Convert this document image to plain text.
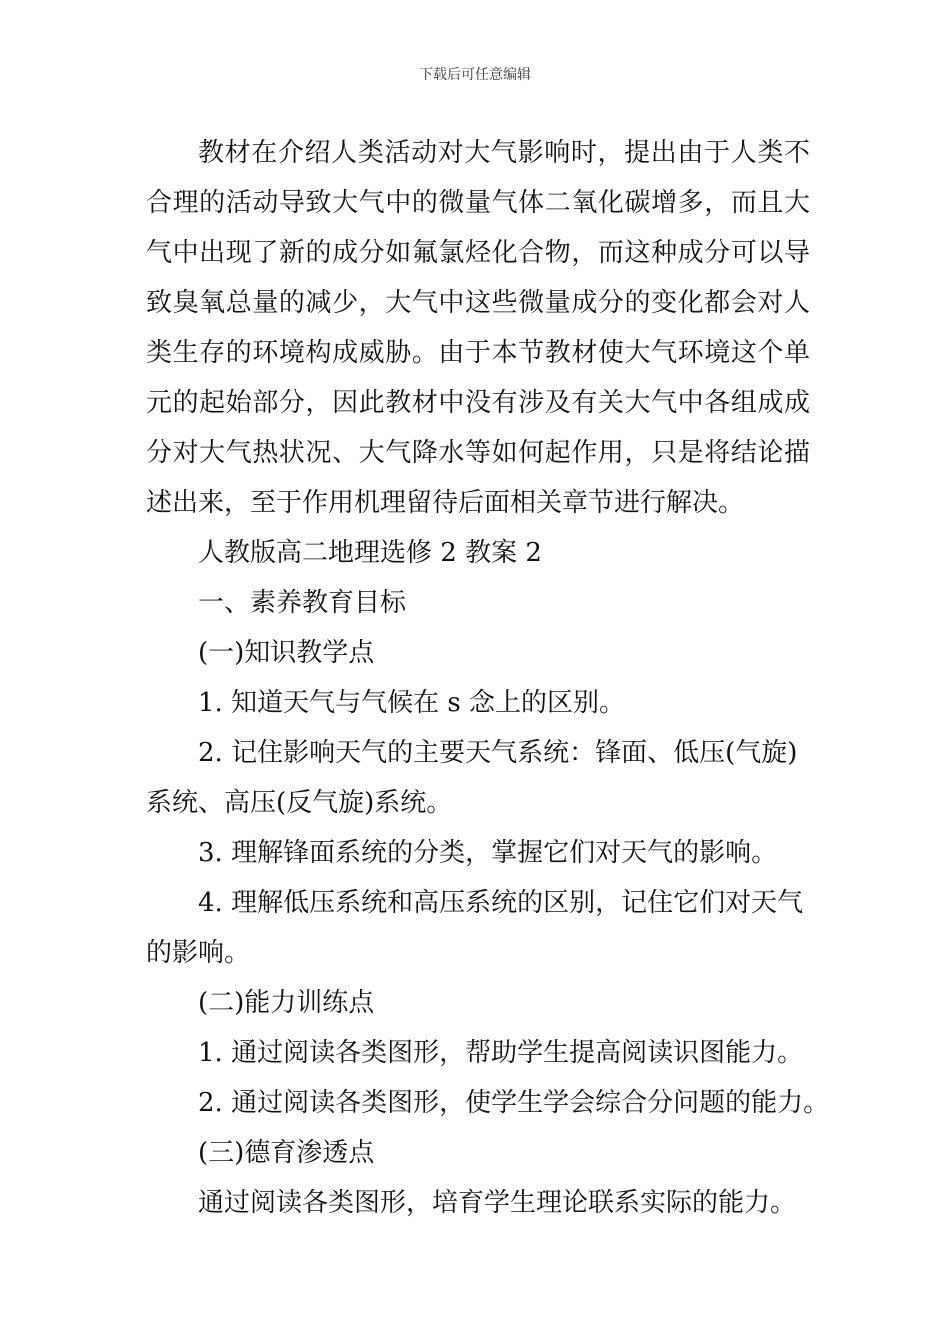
下载后可任意编辑

教材在介绍人类活动对大气影响时，提出由于人类不合理的活动导致大气中的微量气体二氧化碳增多，而且大气中出现了新的成分如氟氯烃化合物，而这种成分可以导致臭氧总量的减少，大气中这些微量成分的变化都会对人类生存的环境构成威胁。由于本节教材使大气环境这个单元的起始部分，因此教材中没有涉及有关大气中各组成成分对大气热状况、大气降水等如何起作用，只是将结论描述出来，至于作用机理留待后面相关章节进行解决。

人教版高二地理选修 2 教案 2

一、素养教育目标

(一)知识教学点

1. 知道天气与气候在 s 念上的区别。

2. 记住影响天气的主要天气系统：锋面、低压(气旋)系统、高压(反气旋)系统。

3. 理解锋面系统的分类，掌握它们对天气的影响。

4. 理解低压系统和高压系统的区别，记住它们对天气的影响。

(二)能力训练点

1. 通过阅读各类图形，帮助学生提高阅读识图能力。

2. 通过阅读各类图形，使学生学会综合分问题的能力。

(三)德育渗透点

通过阅读各类图形，培育学生理论联系实际的能力。
